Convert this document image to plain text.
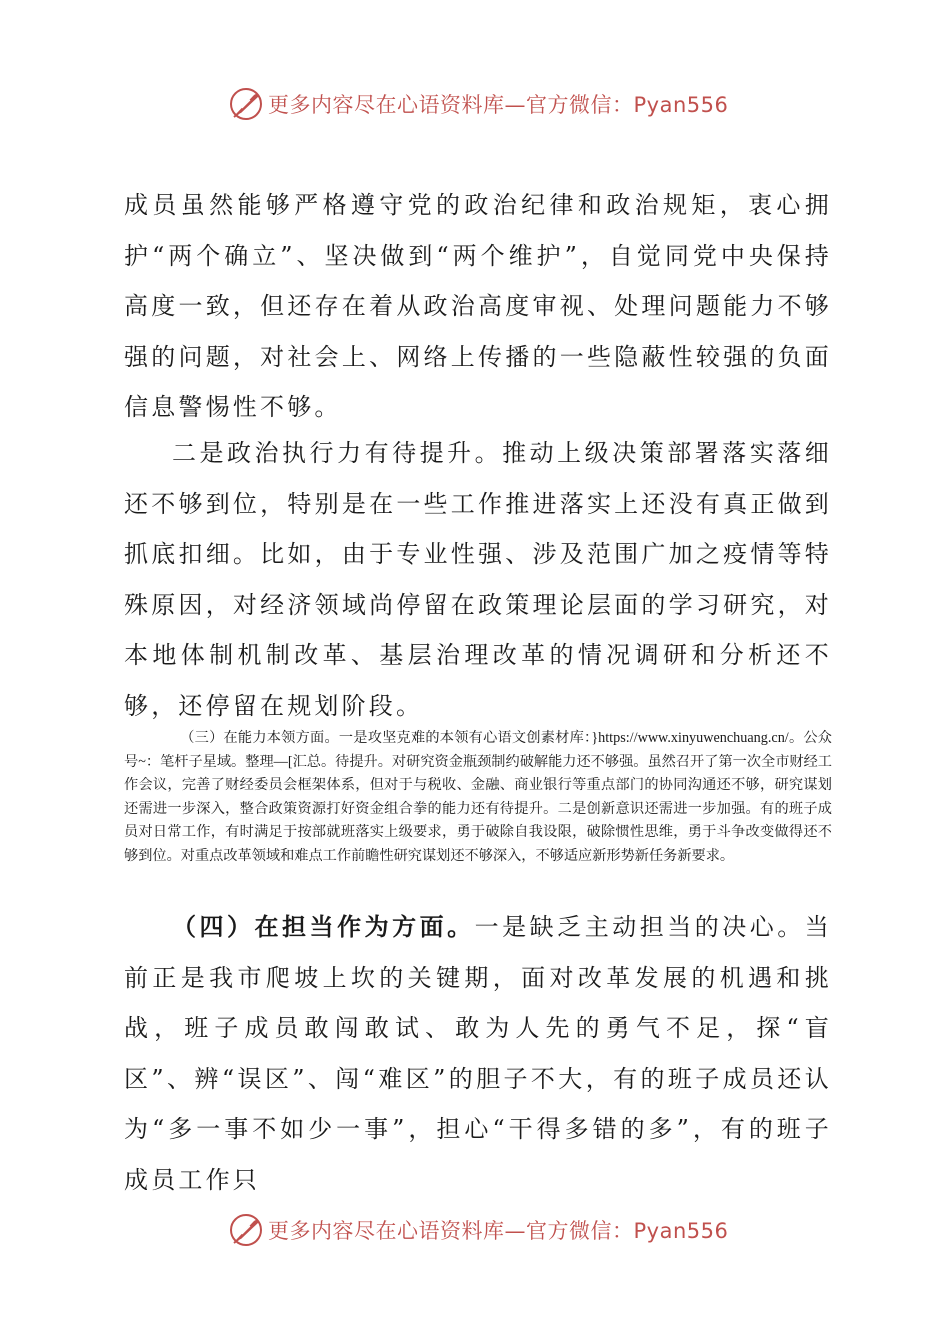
更多内容尽在心语资料库—官方微信：Pyan556

成员虽然能够严格遵守党的政治纪律和政治规矩，衷心拥护“两个确立”、坚决做到“两个维护”，自觉同党中央保持高度一致，但还存在着从政治高度审视、处理问题能力不够强的问题，对社会上、网络上传播的一些隐蔽性较强的负面信息警惕性不够。

二是政治执行力有待提升。推动上级决策部署落实落细还不够到位，特别是在一些工作推进落实上还没有真正做到抓底扣细。比如，由于专业性强、涉及范围广加之疫情等特殊原因，对经济领域尚停留在政策理论层面的学习研究，对本地体制机制改革、基层治理改革的情况调研和分析还不够，还停留在规划阶段。

（三）在能力本领方面。一是攻坚克难的本领有心语文创素材库：}https://www.xinyuwenchuang.cn/。公众号~：笔杆子星域。整理—[汇总。待提升。对研究资金瓶颈制约破解能力还不够强。虽然召开了第一次全市财经工作会议，完善了财经委员会框架体系，但对于与税收、金融、商业银行等重点部门的协同沟通还不够，研究谋划还需进一步深入，整合政策资源打好资金组合拳的能力还有待提升。二是创新意识还需进一步加强。有的班子成员对日常工作，有时满足于按部就班落实上级要求，勇于破除自我设限，破除惯性思维，勇于斗争改变做得还不够到位。对重点改革领域和难点工作前瞻性研究谋划还不够深入，不够适应新形势新任务新要求。

（四）在担当作为方面。一是缺乏主动担当的决心。当前正是我市爬坡上坎的关键期，面对改革发展的机遇和挑战，班子成员敢闯敢试、敢为人先的勇气不足，探“盲区”、辨“误区”、闯“难区”的胆子不大，有的班子成员还认为“多一事不如少一事”，担心“干得多错的多”，有的班子成员工作只

更多内容尽在心语资料库—官方微信：Pyan556
